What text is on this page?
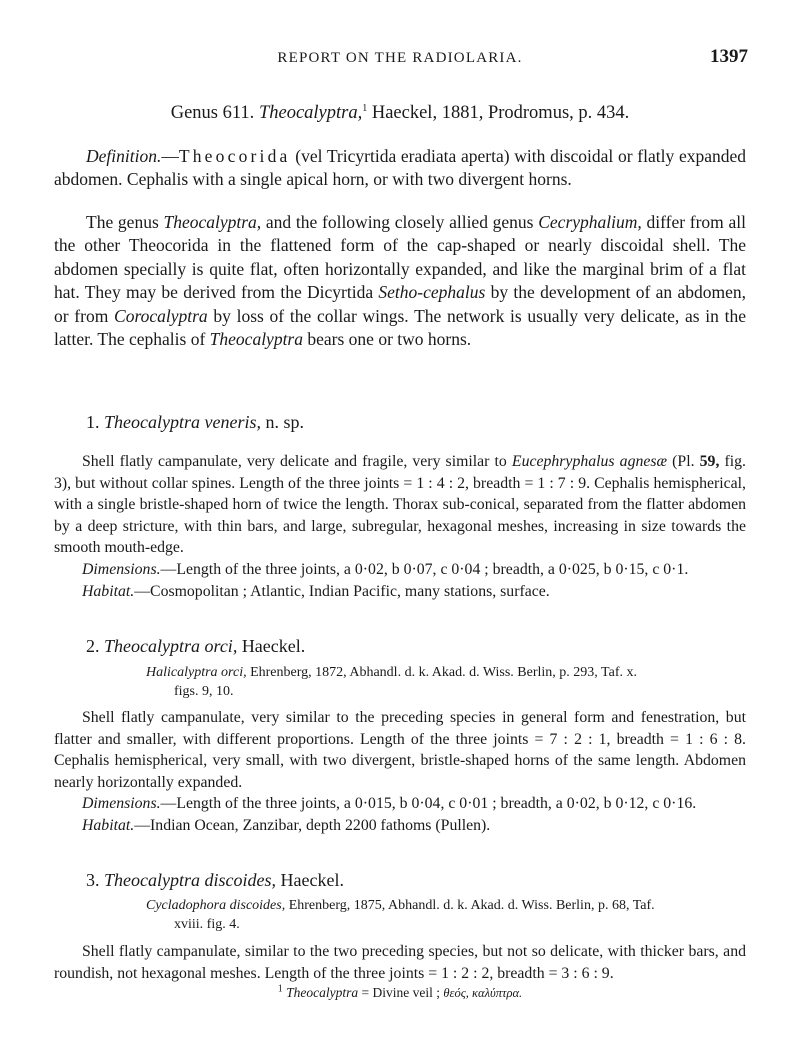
REPORT ON THE RADIOLARIA.	1397
Genus 611. Theocalyptra,$^1$ Haeckel, 1881, Prodromus, p. 434.

Definition.—Theocorida (vel Tricyrtida eradiata aperta) with discoidal or flatly expanded abdomen. Cephalis with a single apical horn, or with two divergent horns.

The genus Theocalyptra, and the following closely allied genus Cecryphalium, differ from all the other Theocorida in the flattened form of the cap-shaped or nearly discoidal shell. The abdomen specially is quite flat, often horizontally expanded, and like the marginal brim of a flat hat. They may be derived from the Dicyrtida Setho-cephalus by the development of an abdomen, or from Corocalyptra by loss of the collar wings. The network is usually very delicate, as in the latter. The cephalis of Theocalyptra bears one or two horns.

1. Theocalyptra veneris, n. sp.

Shell flatly campanulate, very delicate and fragile, very similar to Eucephryphalus agnesæ (Pl. 59, fig. 3), but without collar spines. Length of the three joints = 1 : 4 : 2, breadth = 1 : 7 : 9. Cephalis hemispherical, with a single bristle-shaped horn of twice the length. Thorax sub-conical, separated from the flatter abdomen by a deep stricture, with thin bars, and large, subregular, hexagonal meshes, increasing in size towards the smooth mouth-edge.

Dimensions.—Length of the three joints, a 0·02, b 0·07, c 0·04 ; breadth, a 0·025, b 0·15, c 0·1.

Habitat.—Cosmopolitan ; Atlantic, Indian Pacific, many stations, surface.

2. Theocalyptra orci, Haeckel.

Halicalyptra orci, Ehrenberg, 1872, Abhandl. d. k. Akad. d. Wiss. Berlin, p. 293, Taf. x.

figs. 9, 10.

Shell flatly campanulate, very similar to the preceding species in general form and fenestration, but flatter and smaller, with different proportions. Length of the three joints = 7 : 2 : 1, breadth = 1 : 6 : 8. Cephalis hemispherical, very small, with two divergent, bristle-shaped horns of the same length. Abdomen nearly horizontally expanded.

Dimensions.—Length of the three joints, a 0·015, b 0·04, c 0·01 ; breadth, a 0·02, b 0·12, c 0·16.

Habitat.—Indian Ocean, Zanzibar, depth 2200 fathoms (Pullen).

3. Theocalyptra discoides, Haeckel.

Cycladophora discoides, Ehrenberg, 1875, Abhandl. d. k. Akad. d. Wiss. Berlin, p. 68, Taf.

xviii. fig. 4.

Shell flatly campanulate, similar to the two preceding species, but not so delicate, with thicker bars, and roundish, not hexagonal meshes. Length of the three joints = 1 : 2 : 2, breadth = 3 : 6 : 9.

$^1$ Theocalyptra = Divine veil ; θεός, καλύπτρα.
